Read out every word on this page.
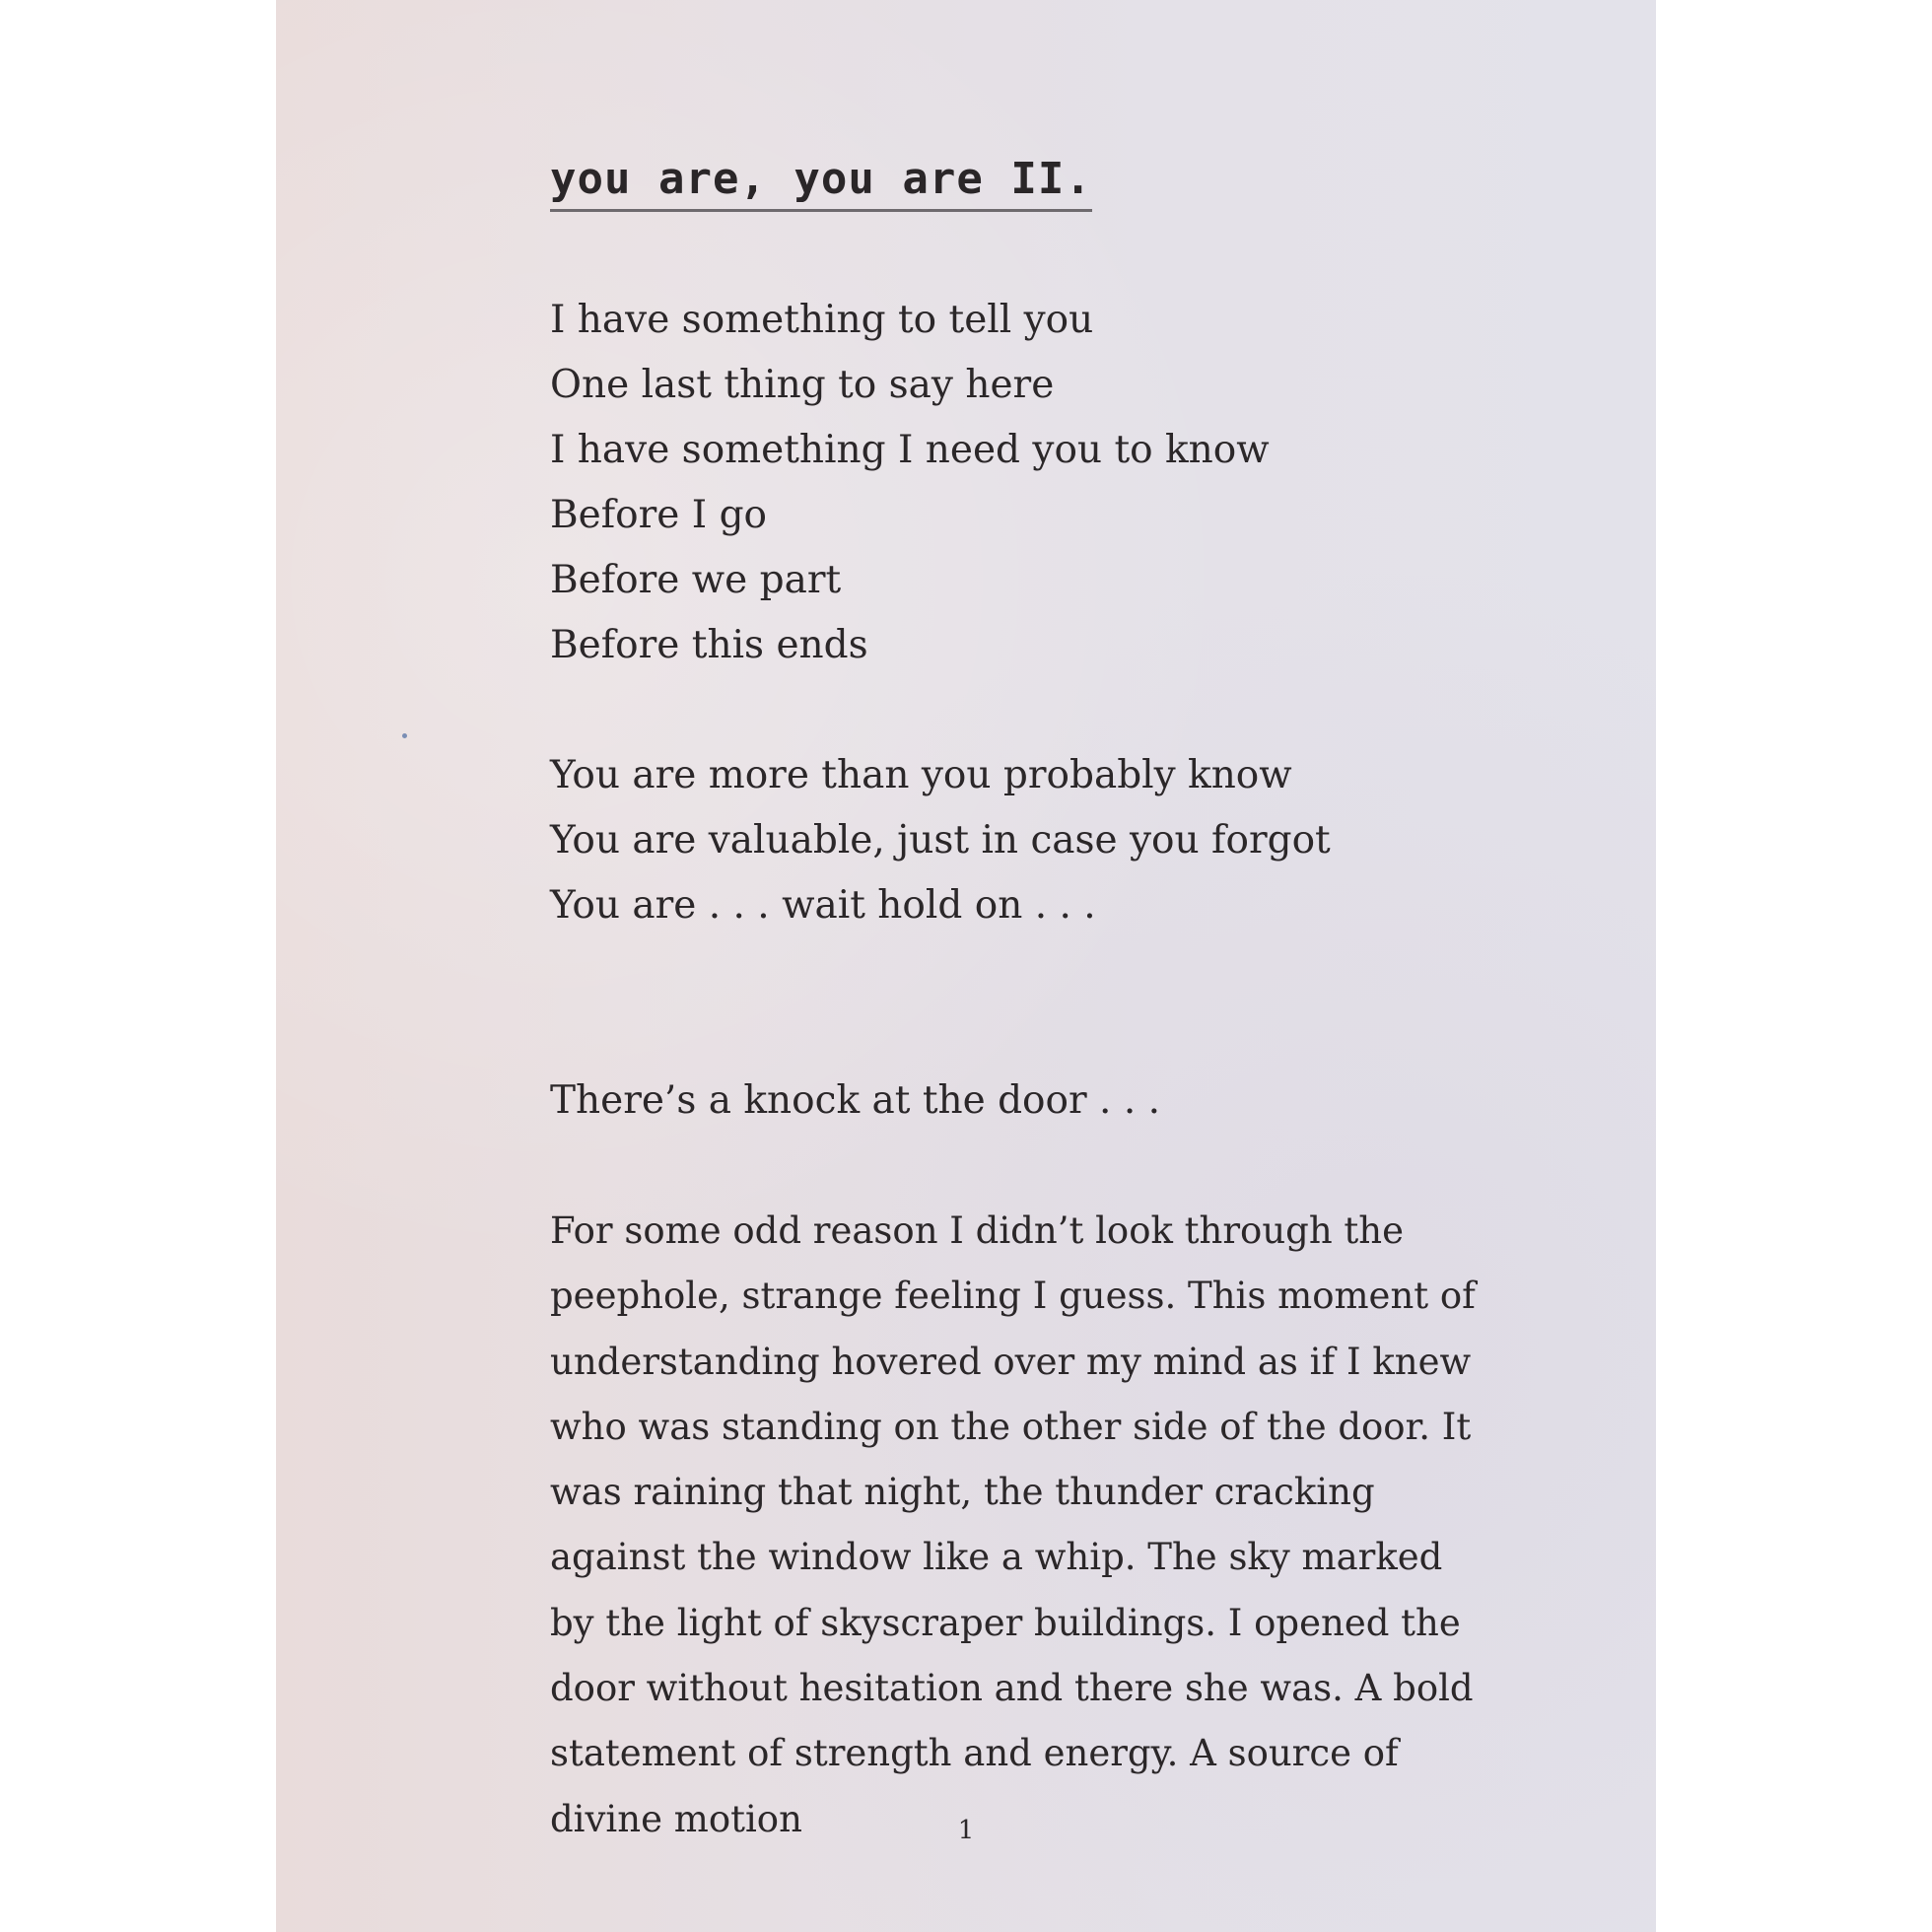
you are, you are II.
I have something to tell you
One last thing to say here
I have something I need you to know
Before I go
Before we part
Before this ends
You are more than you probably know
You are valuable, just in case you forgot
You are . . . wait hold on . . .
There’s a knock at the door . . .
For some odd reason I didn’t look through the peephole, strange feeling I guess. This moment of understanding hovered over my mind as if I knew who was standing on the other side of the door. It was raining that night, the thunder cracking against the window like a whip. The sky marked by the light of skyscraper buildings. I opened the door without hesitation and there she was. A bold statement of strength and energy. A source of divine motion	1
